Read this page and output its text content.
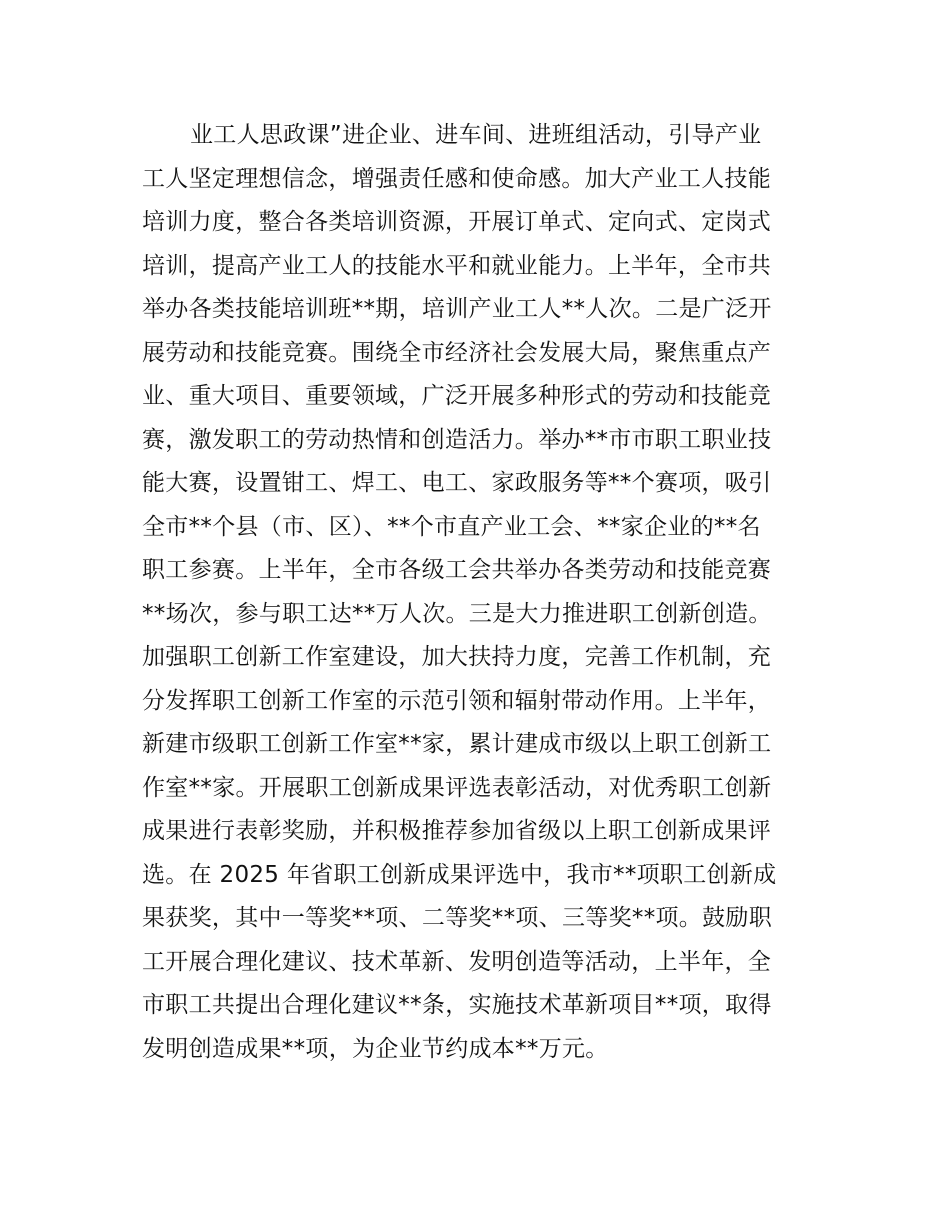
业工人思政课”进企业、进车间、进班组活动，引导产业
工人坚定理想信念，增强责任感和使命感。加大产业工人技能
培训力度，整合各类培训资源，开展订单式、定向式、定岗式
培训，提高产业工人的技能水平和就业能力。上半年，全市共
举办各类技能培训班**期，培训产业工人**人次。二是广泛开
展劳动和技能竞赛。围绕全市经济社会发展大局，聚焦重点产
业、重大项目、重要领域，广泛开展多种形式的劳动和技能竞
赛，激发职工的劳动热情和创造活力。举办**市市职工职业技
能大赛，设置钳工、焊工、电工、家政服务等**个赛项，吸引
全市**个县（市、区）、**个市直产业工会、**家企业的**名
职工参赛。上半年，全市各级工会共举办各类劳动和技能竞赛
**场次，参与职工达**万人次。三是大力推进职工创新创造。
加强职工创新工作室建设，加大扶持力度，完善工作机制，充
分发挥职工创新工作室的示范引领和辐射带动作用。上半年，
新建市级职工创新工作室**家，累计建成市级以上职工创新工
作室**家。开展职工创新成果评选表彰活动，对优秀职工创新
成果进行表彰奖励，并积极推荐参加省级以上职工创新成果评
选。在 2025 年省职工创新成果评选中，我市**项职工创新成
果获奖，其中一等奖**项、二等奖**项、三等奖**项。鼓励职
工开展合理化建议、技术革新、发明创造等活动，上半年，全
市职工共提出合理化建议**条，实施技术革新项目**项，取得
发明创造成果**项，为企业节约成本**万元。
